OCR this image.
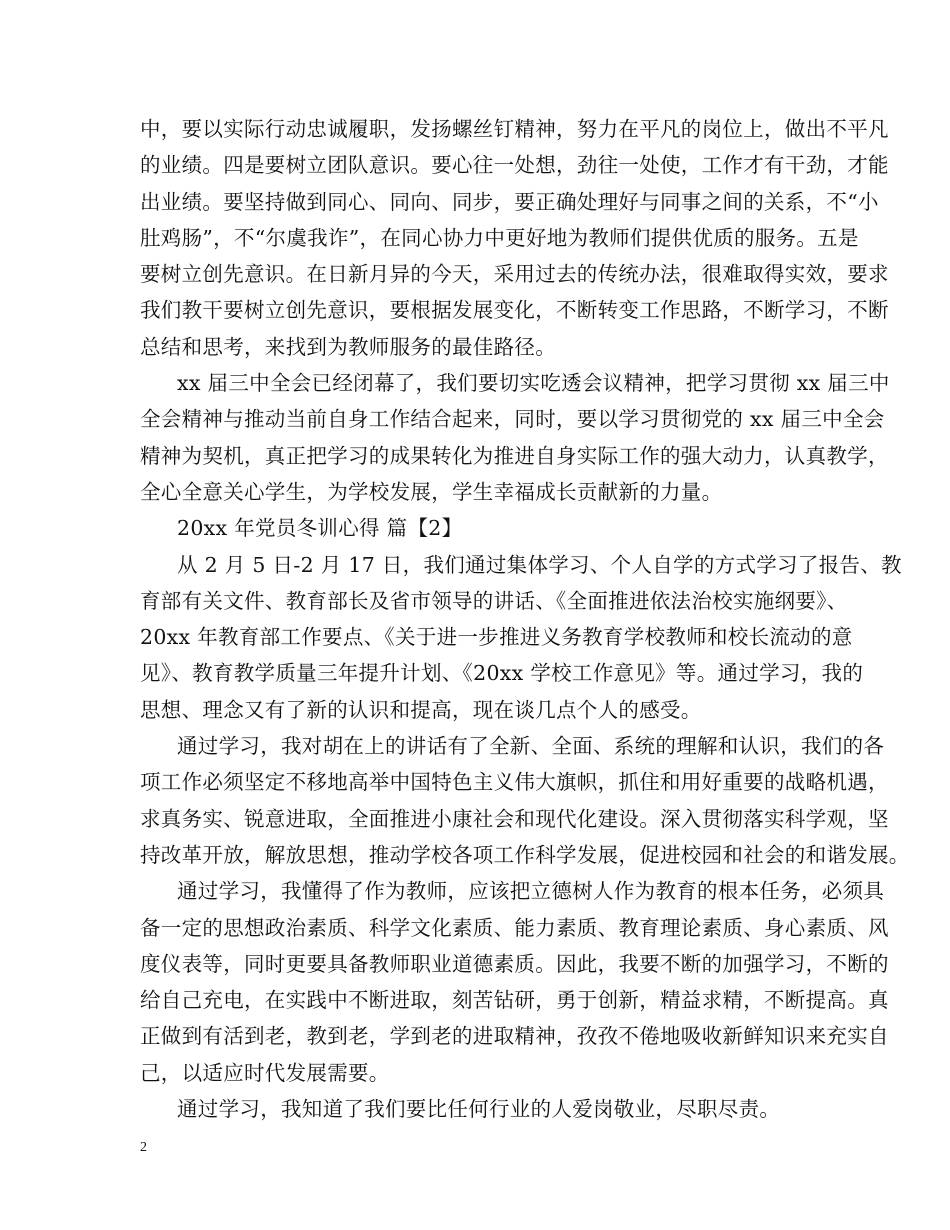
中，要以实际行动忠诚履职，发扬螺丝钉精神，努力在平凡的岗位上，做出不平凡
的业绩。四是要树立团队意识。要心往一处想，劲往一处使，工作才有干劲，才能
出业绩。要坚持做到同心、同向、同步，要正确处理好与同事之间的关系，不“小
肚鸡肠”，不“尔虞我诈”，在同心协力中更好地为教师们提供优质的服务。五是
要树立创先意识。在日新月异的今天，采用过去的传统办法，很难取得实效，要求
我们教干要树立创先意识，要根据发展变化，不断转变工作思路，不断学习，不断
总结和思考，来找到为教师服务的最佳路径。
xx 届三中全会已经闭幕了，我们要切实吃透会议精神，把学习贯彻 xx 届三中
全会精神与推动当前自身工作结合起来，同时，要以学习贯彻党的 xx 届三中全会
精神为契机，真正把学习的成果转化为推进自身实际工作的强大动力，认真教学，
全心全意关心学生，为学校发展，学生幸福成长贡献新的力量。
20xx 年党员冬训心得 篇【2】
从 2 月 5 日-2 月 17 日，我们通过集体学习、个人自学的方式学习了报告、教
育部有关文件、教育部长及省市领导的讲话、《全面推进依法治校实施纲要》、
20xx 年教育部工作要点、《关于进一步推进义务教育学校教师和校长流动的意
见》、教育教学质量三年提升计划、《20xx 学校工作意见》等。通过学习，我的
思想、理念又有了新的认识和提高，现在谈几点个人的感受。
通过学习，我对胡在上的讲话有了全新、全面、系统的理解和认识，我们的各
项工作必须坚定不移地高举中国特色主义伟大旗帜，抓住和用好重要的战略机遇，
求真务实、锐意进取，全面推进小康社会和现代化建设。深入贯彻落实科学观，坚
持改革开放，解放思想，推动学校各项工作科学发展，促进校园和社会的和谐发展。
通过学习，我懂得了作为教师，应该把立德树人作为教育的根本任务，必须具
备一定的思想政治素质、科学文化素质、能力素质、教育理论素质、身心素质、风
度仪表等，同时更要具备教师职业道德素质。因此，我要不断的加强学习，不断的
给自己充电，在实践中不断进取，刻苦钻研，勇于创新，精益求精，不断提高。真
正做到有活到老，教到老，学到老的进取精神，孜孜不倦地吸收新鲜知识来充实自
己，以适应时代发展需要。
通过学习，我知道了我们要比任何行业的人爱岗敬业，尽职尽责。
2
